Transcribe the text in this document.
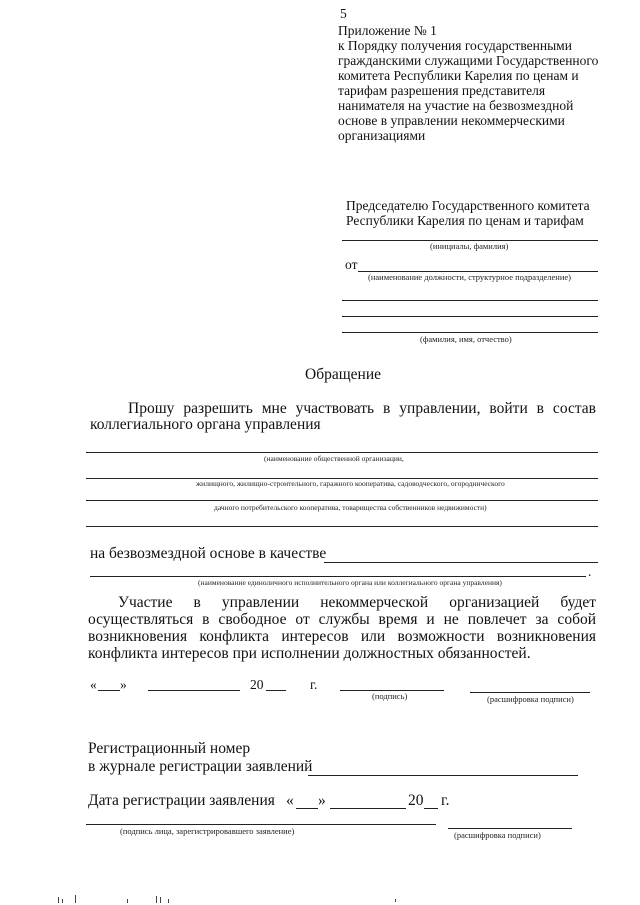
5
Приложение № 1
к Порядку получения государственными
гражданскими служащими Государственного
комитета Республики Карелия по ценам и
тарифам разрешения представителя
нанимателя на участие на безвозмездной
основе в управлении некоммерческими
организациями
Председателю Государственного комитета
Республики Карелия по ценам и тарифам
(инициалы, фамилия)
от
(наименование должности, структурное подразделение)
(фамилия, имя, отчество)
Обращение
Прошу разрешить мне участвовать в управлении, войти в состав
коллегиального органа управления
(наименование общественной организации,
жилищного, жилищно-строительного, гаражного кооператива, садоводческого, огороднического
дачного потребительского кооператива, товарищества собственников недвижимости)
на безвозмездной основе в качестве
.
(наименование единоличного исполнительного органа или коллегиального органа управления)
Участие в управлении некоммерческой организацией будет
осуществляться в свободное от службы время и не повлечет за собой
возникновения конфликта интересов или возможности возникновения
конфликта интересов при исполнении должностных обязанностей.
« »	20	г.
(подпись)	(расшифровка подписи)
Регистрационный номер
в журнале регистрации заявлений
Дата регистрации заявления « »	20 г.
(подпись лица, зарегистрировавшего заявление)	(расшифровка подписи)
